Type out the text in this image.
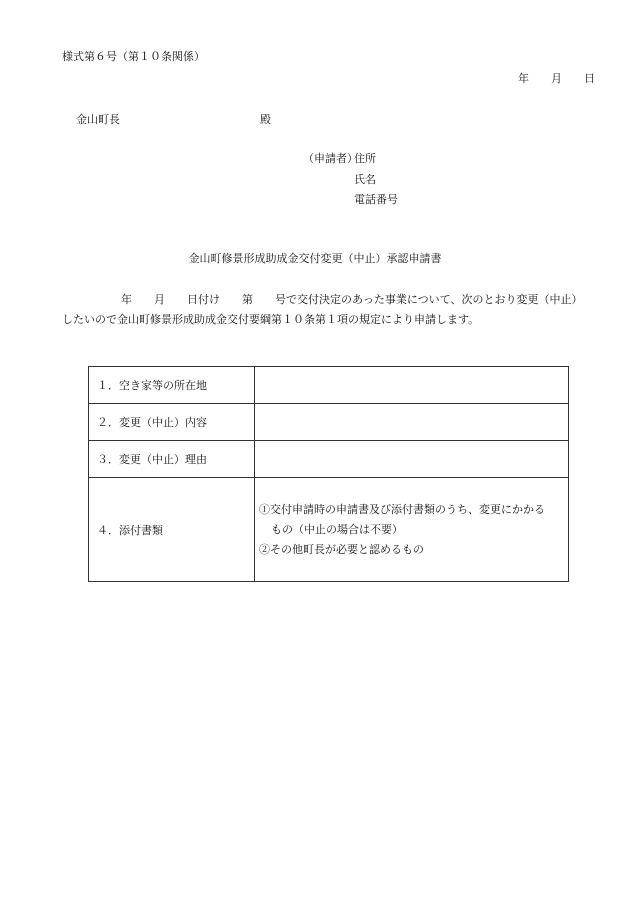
様式第６号（第１０条関係）
年 月 日
金山町長	殿
（申請者）
住所
氏名
電話番号
金山町修景形成助成金交付変更（中止）承認申請書
年　　月　　日付け　　第　　号で交付決定のあった事業について、次のとおり変更（中止）
したいので金山町修景形成助成金交付要綱第１０条第１項の規定により申請します。
１．空き家等の所在地	
２．変更（中止）内容	
３．変更（中止）理由	
４．添付書類	①交付申請時の申請書及び添付書類のうち、変更にかかる
もの（中止の場合は不要）
②その他町長が必要と認めるもの
